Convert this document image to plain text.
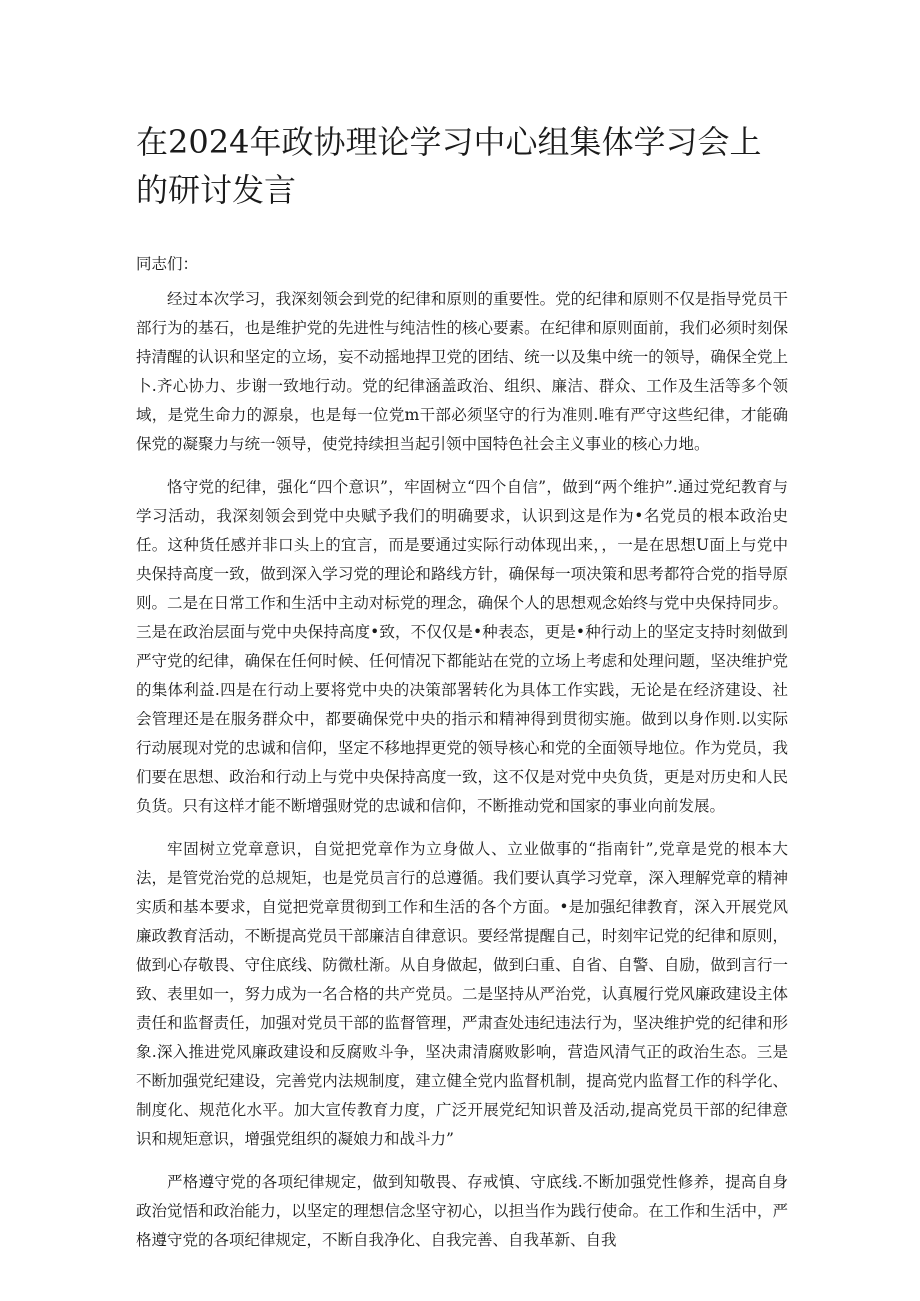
在2024年政协理论学习中心组集体学习会上的研讨发言

同志们：

经过本次学习，我深刻领会到党的纪律和原则的重要性。党的纪律和原则不仅是指导党员干部行为的基石，也是维护党的先进性与纯洁性的核心要素。在纪律和原则面前，我们必须时刻保持清醒的认识和坚定的立场，妄不动摇地捍卫党的团结、统一以及集中统一的领导，确保全党上卜.齐心协力、步谢一致地行动。党的纪律涵盖政治、组织、廉洁、群众、工作及生活等多个领域，是党生命力的源泉，也是每一位党m干部必须坚守的行为准则.唯有严守这些纪律，才能确保党的凝聚力与统一领导，使党持续担当起引领中国特色社会主义事业的核心力地。

恪守党的纪律，强化“四个意识”，牢固树立“四个自信”，做到“两个维护”.通过党纪教育与学习活动，我深刻领会到党中央赋予我们的明确要求，认识到这是作为•名党员的根本政治史任。这种货任感并非口头上的宜言，而是要通过实际行动体现出来，，一是在思想U面上与党中央保持高度一致，做到深入学习党的理论和路线方针，确保每一项决策和思考都符合党的指导原则。二是在日常工作和生活中主动对标党的理念，确保个人的思想观念始终与党中央保持同步。三是在政治层面与党中央保持高度•致，不仅仅是•种表态，更是•种行动上的坚定支持时刻做到严守党的纪律，确保在任何时候、任何情况下都能站在党的立场上考虑和处理问题，坚决维护党的集体利益.四是在行动上要将党中央的决策部署转化为具体工作实践，无论是在经济建设、社会管理还是在服务群众中，都要确保党中央的指示和精神得到贯彻实施。做到以身作则.以实际行动展现对党的忠诚和信仰，坚定不移地捍更党的领导核心和党的全面领导地位。作为党员，我们要在思想、政治和行动上与党中央保持高度一致，这不仅是对党中央负货，更是对历史和人民负货。只有这样才能不断增强财党的忠诚和信仰，不断推动党和国家的事业向前发展。

牢固树立党章意识，自觉把党章作为立身做人、立业做事的“指南针”,党章是党的根本大法，是管党治党的总规矩，也是党员言行的总遵循。我们要认真学习党章，深入理解党章的精神实质和基本要求，自觉把党章贯彻到工作和生活的各个方面。•是加强纪律教育，深入开展党风廉政教育活动，不断提高党员干部廉洁自律意识。要经常提醒自己，时刻牢记党的纪律和原则，做到心存敬畏、守住底线、防微杜渐。从自身做起，做到臼重、自省、自警、自励，做到言行一致、表里如一，努力成为一名合格的共产党员。二是坚持从严治党，认真履行党风廉政建设主体责任和监督责任，加强对党员干部的监督管理，严肃查处违纪违法行为，坚决维护党的纪律和形象.深入推进党风廉政建设和反腐败斗争，坚决肃清腐败影响，营造风清气正的政治生态。三是不断加强党纪建设，完善党内法规制度，建立健全党内监督机制，提高党内监督工作的科学化、制度化、规范化水平。加大宣传教育力度，广泛开展党纪知识普及活动,提高党员干部的纪律意识和规矩意识，增强党组织的凝娘力和战斗力”

严格遵守党的各项纪律规定，做到知敬畏、存戒慎、守底线.不断加强党性修养，提高自身政治觉悟和政治能力，以坚定的理想信念坚守初心，以担当作为践行使命。在工作和生活中，严格遵守党的各项纪律规定，不断自我净化、自我完善、自我革新、自我
